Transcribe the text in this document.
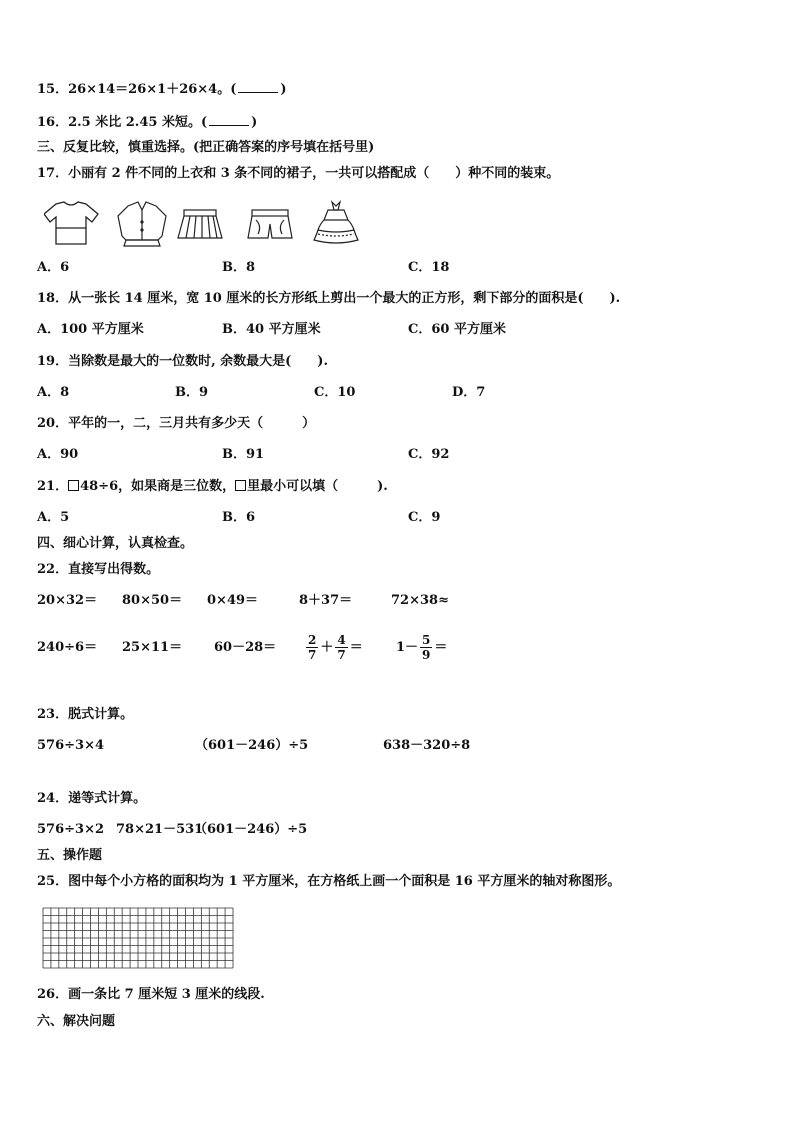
15．26×14＝26×1＋26×4。(	)
16．2.5 米比 2.45 米短。(	)
三、反复比较，慎重选择。(把正确答案的序号填在括号里)
17．小丽有 2 件不同的上衣和 3 条不同的裙子，一共可以搭配成（　　）种不同的装束。
A．6	B．8	C．18
18．从一张长 14 厘米，宽 10 厘米的长方形纸上剪出一个最大的正方形，剩下部分的面积是(　　).
A．100 平方厘米	B．40 平方厘米	C．60 平方厘米
19．当除数是最大的一位数时, 余数最大是(　　).
A．8	B．9	C．10	D．7
20．平年的一，二，三月共有多少天（　　　）
A．90	B．91	C．92
21． 48÷6，如果商是三位数， 里最小可以填（　　　).
A．5	B．6	C．9
四、细心计算，认真检查。
22．直接写出得数。
20×32＝ 80×50＝ 0×49＝	8＋37＝	72×38≈
$240\div 6= 25\times 11= 60-28= \frac{2}{7} + \frac{4}{7}$ ＝	$1- \frac{5}{9}$ ＝
23．脱式计算。
576÷3×4	（601－246）÷5	638－320÷8
24．递等式计算。
576÷3×2 78×21－531
（601－246）÷5
五、操作题
25．图中每个小方格的面积均为 1 平方厘米，在方格纸上画一个面积是 16 平方厘米的轴对称图形。
26．画一条比 7 厘米短 3 厘米的线段.
六、解决问题
